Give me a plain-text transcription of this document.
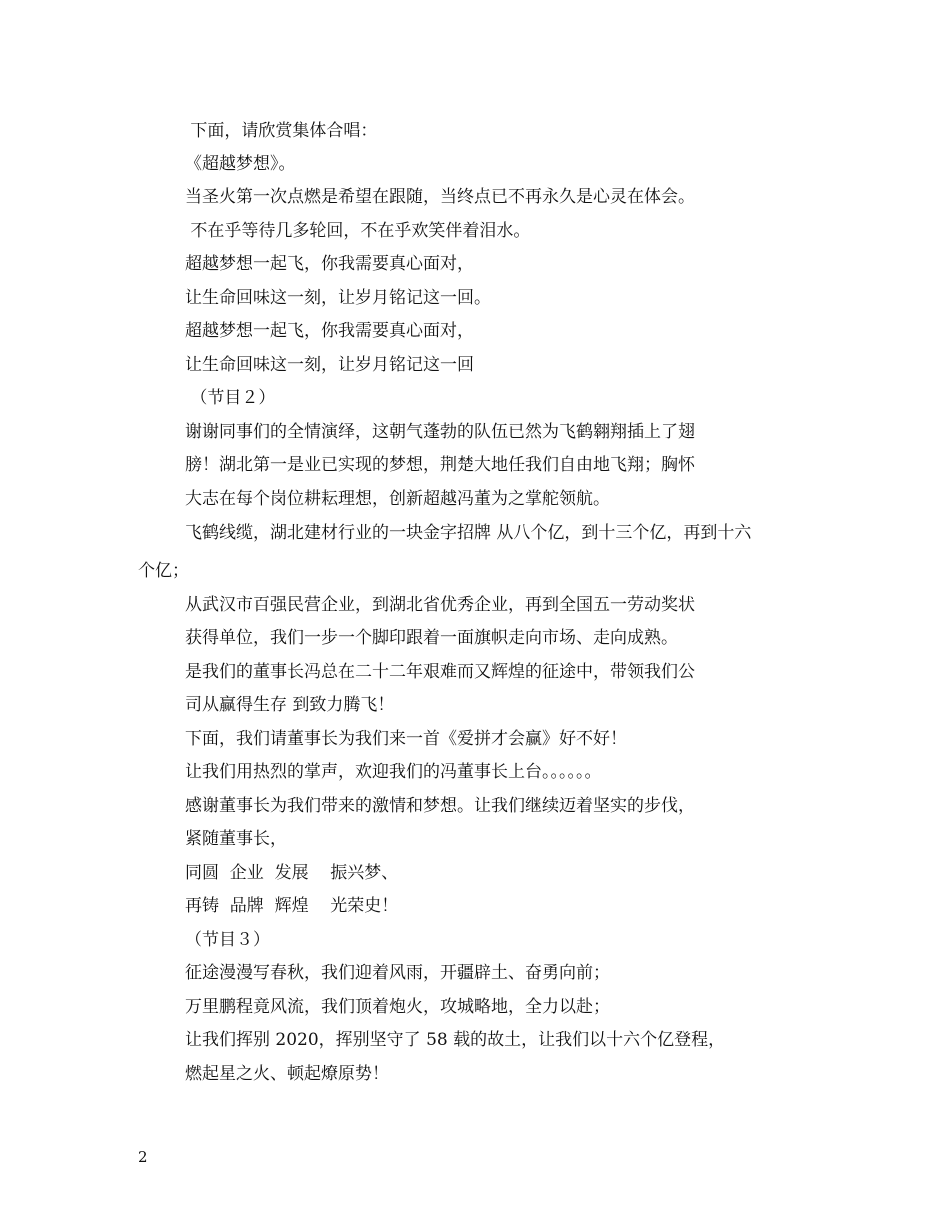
下面，请欣赏集体合唱：
《超越梦想》。
当圣火第一次点燃是希望在跟随，当终点已不再永久是心灵在体会。
不在乎等待几多轮回，不在乎欢笑伴着泪水。
超越梦想一起飞，你我需要真心面对，
让生命回味这一刻，让岁月铭记这一回。
超越梦想一起飞，你我需要真心面对，
让生命回味这一刻，让岁月铭记这一回
（节目２）
谢谢同事们的全情演绎，这朝气蓬勃的队伍已然为飞鹤翱翔插上了翅
膀！湖北第一是业已实现的梦想，荆楚大地任我们自由地飞翔；胸怀
大志在每个岗位耕耘理想，创新超越冯董为之掌舵领航。
飞鹤线缆，湖北建材行业的一块金字招牌 从八个亿，到十三个亿，再到十六
个亿；
从武汉市百强民营企业，到湖北省优秀企业，再到全国五一劳动奖状
获得单位，我们一步一个脚印跟着一面旗帜走向市场、走向成熟。
是我们的董事长冯总在二十二年艰难而又辉煌的征途中，带领我们公
司从赢得生存 到致力腾飞！
下面，我们请董事长为我们来一首《爱拼才会赢》好不好！
让我们用热烈的掌声，欢迎我们的冯董事长上台。。。。。。
感谢董事长为我们带来的激情和梦想。让我们继续迈着坚实的步伐，
紧随董事长，
同圆  企业  发展    振兴梦、
再铸  品牌  辉煌    光荣史！
（节目３）
征途漫漫写春秋，我们迎着风雨，开疆辟土、奋勇向前；
万里鹏程竟风流，我们顶着炮火，攻城略地，全力以赴；
让我们挥别 2020，挥别坚守了 58 载的故土，让我们以十六个亿登程，
燃起星之火、顿起燎原势！
2
